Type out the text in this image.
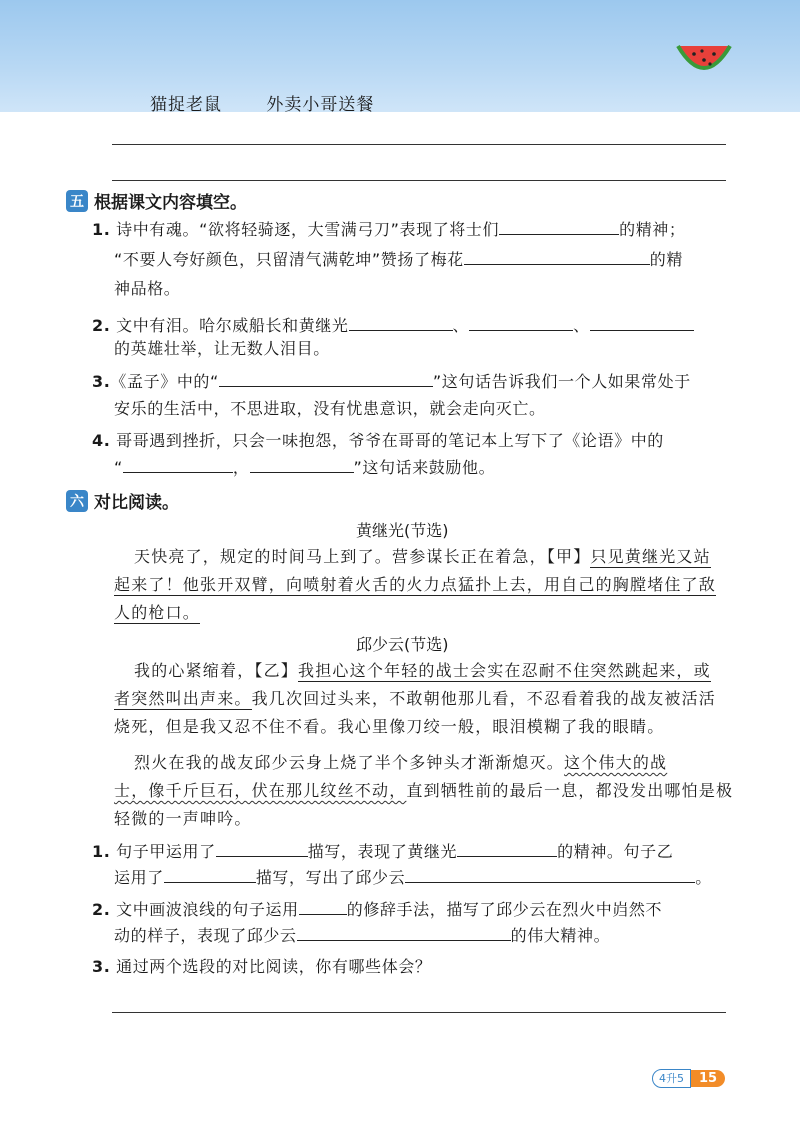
猫捉老鼠	外卖小哥送餐
五 根据课文内容填空。
1. 诗中有魂。“欲将轻骑逐，大雪满弓刀”表现了将士们	的精神；
“不要人夸好颜色，只留清气满乾坤”赞扬了梅花	的精
神品格。
2. 文中有泪。哈尔威船长和黄继光	、	、
的英雄壮举，让无数人泪目。
3.《孟子》中的“	”这句话告诉我们一个人如果常处于
安乐的生活中，不思进取，没有忧患意识，就会走向灭亡。
4. 哥哥遇到挫折，只会一味抱怨，爷爷在哥哥的笔记本上写下了《论语》中的
“	，	”这句话来鼓励他。
六 对比阅读。
黄继光(节选)
天快亮了，规定的时间马上到了。营参谋长正在着急，【甲】只见黄继光又站
起来了！他张开双臂，向喷射着火舌的火力点猛扑上去，用自己的胸膛堵住了敌
人的枪口。
邱少云(节选)
我的心紧缩着，【乙】我担心这个年轻的战士会实在忍耐不住突然跳起来，或
者突然叫出声来。我几次回过头来，不敢朝他那儿看，不忍看着我的战友被活活
烧死，但是我又忍不住不看。我心里像刀绞一般，眼泪模糊了我的眼睛。
烈火在我的战友邱少云身上烧了半个多钟头才渐渐熄灭。这个伟大的战
士，像千斤巨石，伏在那儿纹丝不动，直到牺牲前的最后一息，都没发出哪怕是极
轻微的一声呻吟。
1. 句子甲运用了	描写，表现了黄继光	的精神。句子乙
运用了	描写，写出了邱少云	。
2. 文中画波浪线的句子运用	的修辞手法，描写了邱少云在烈火中岿然不
动的样子，表现了邱少云	的伟大精神。
3. 通过两个选段的对比阅读，你有哪些体会？
4升5	15
